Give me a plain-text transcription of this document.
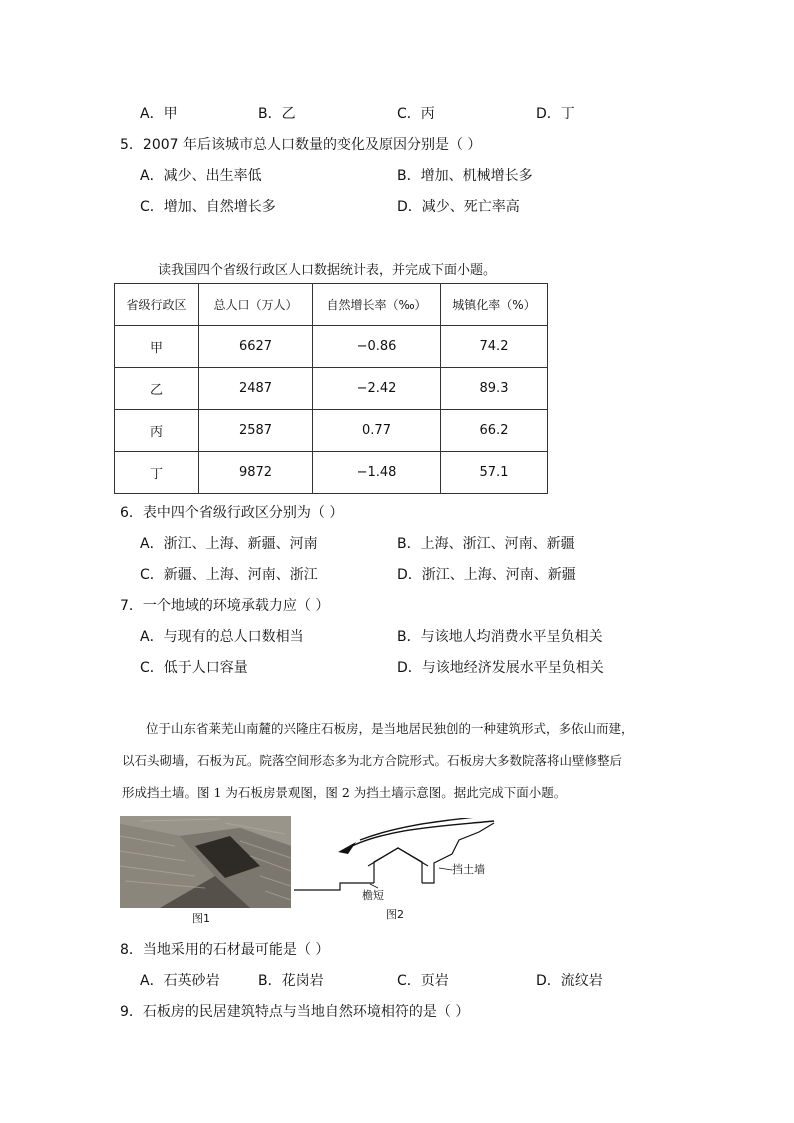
A．甲	B．乙	C．丙	D．丁
5．2007 年后该城市总人口数量的变化及原因分别是（ ）
A．减少、出生率低	B．增加、机械增长多
C．增加、自然增长多	D．减少、死亡率高
读我国四个省级行政区人口数据统计表，并完成下面小题。
省级行政区	总人口（万人）	自然增长率（‰）	城镇化率（%）
甲	6627	−0.86	74.2
乙	2487	−2.42	89.3
丙	2587	0.77	66.2
丁	9872	−1.48	57.1
6．表中四个省级行政区分别为（ ）
A．浙江、上海、新疆、河南	B．上海、浙江、河南、新疆
C．新疆、上海、河南、浙江	D．浙江、上海、河南、新疆
7．一个地域的环境承载力应（ ）
A．与现有的总人口数相当	B．与该地人均消费水平呈负相关
C．低于人口容量	D．与该地经济发展水平呈负相关
位于山东省莱芜山南麓的兴隆庄石板房，是当地居民独创的一种建筑形式，多依山而建，
以石头砌墙，石板为瓦。院落空间形态多为北方合院形式。石板房大多数院落将山壁修整后
形成挡土墙。图 1 为石板房景观图，图 2 为挡土墙示意图。据此完成下面小题。
图1
挡土墙
檐短
图2
8．当地采用的石材最可能是（ ）
A．石英砂岩	B．花岗岩	C．页岩	D．流纹岩
9．石板房的民居建筑特点与当地自然环境相符的是（ ）
